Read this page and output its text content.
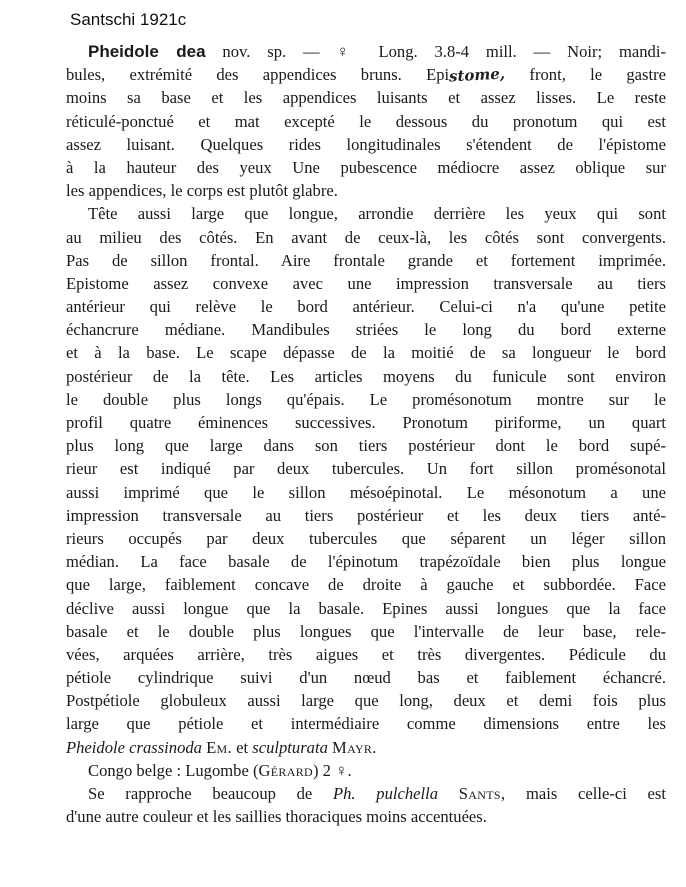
Santschi 1921c
Pheidole dea nov. sp. — ♀ Long. 3.8-4 mill. — Noir; mandi-
bules, extrémité des appendices bruns. Epistome, front, le gastre
moins sa base et les appendices luisants et assez lisses. Le reste
réticulé-ponctué et mat excepté le dessous du pronotum qui est
assez luisant. Quelques rides longitudinales s'étendent de l'épistome
à la hauteur des yeux Une pubescence médiocre assez oblique sur
les appendices, le corps est plutôt glabre.
Tête aussi large que longue, arrondie derrière les yeux qui sont
au milieu des côtés. En avant de ceux-là, les côtés sont convergents.
Pas de sillon frontal. Aire frontale grande et fortement imprimée.
Epistome assez convexe avec une impression transversale au tiers
antérieur qui relève le bord antérieur. Celui-ci n'a qu'une petite
échancrure médiane. Mandibules striées le long du bord externe
et à la base. Le scape dépasse de la moitié de sa longueur le bord
postérieur de la tête. Les articles moyens du funicule sont environ
le double plus longs qu'épais. Le promésonotum montre sur le
profil quatre éminences successives. Pronotum piriforme, un quart
plus long que large dans son tiers postérieur dont le bord supé-
rieur est indiqué par deux tubercules. Un fort sillon promésonotal
aussi imprimé que le sillon mésoépinotal. Le mésonotum a une
impression transversale au tiers postérieur et les deux tiers anté-
rieurs occupés par deux tubercules que séparent un léger sillon
médian. La face basale de l'épinotum trapézoïdale bien plus longue
que large, faiblement concave de droite à gauche et subbordée. Face
déclive aussi longue que la basale. Epines aussi longues que la face
basale et le double plus longues que l'intervalle de leur base, rele-
vées, arquées arrière, très aigues et très divergentes. Pédicule du
pétiole cylindrique suivi d'un nœud bas et faiblement échancré.
Postpétiole globuleux aussi large que long, deux et demi fois plus
large que pétiole et intermédiaire comme dimensions entre les
Pheidole crassinoda Em. et sculpturata Mayr.
Congo belge : Lugombe (Gérard) 2 ♀.
Se rapproche beaucoup de Ph. pulchella Sants, mais celle-ci est
d'une autre couleur et les saillies thoraciques moins accentuées.
